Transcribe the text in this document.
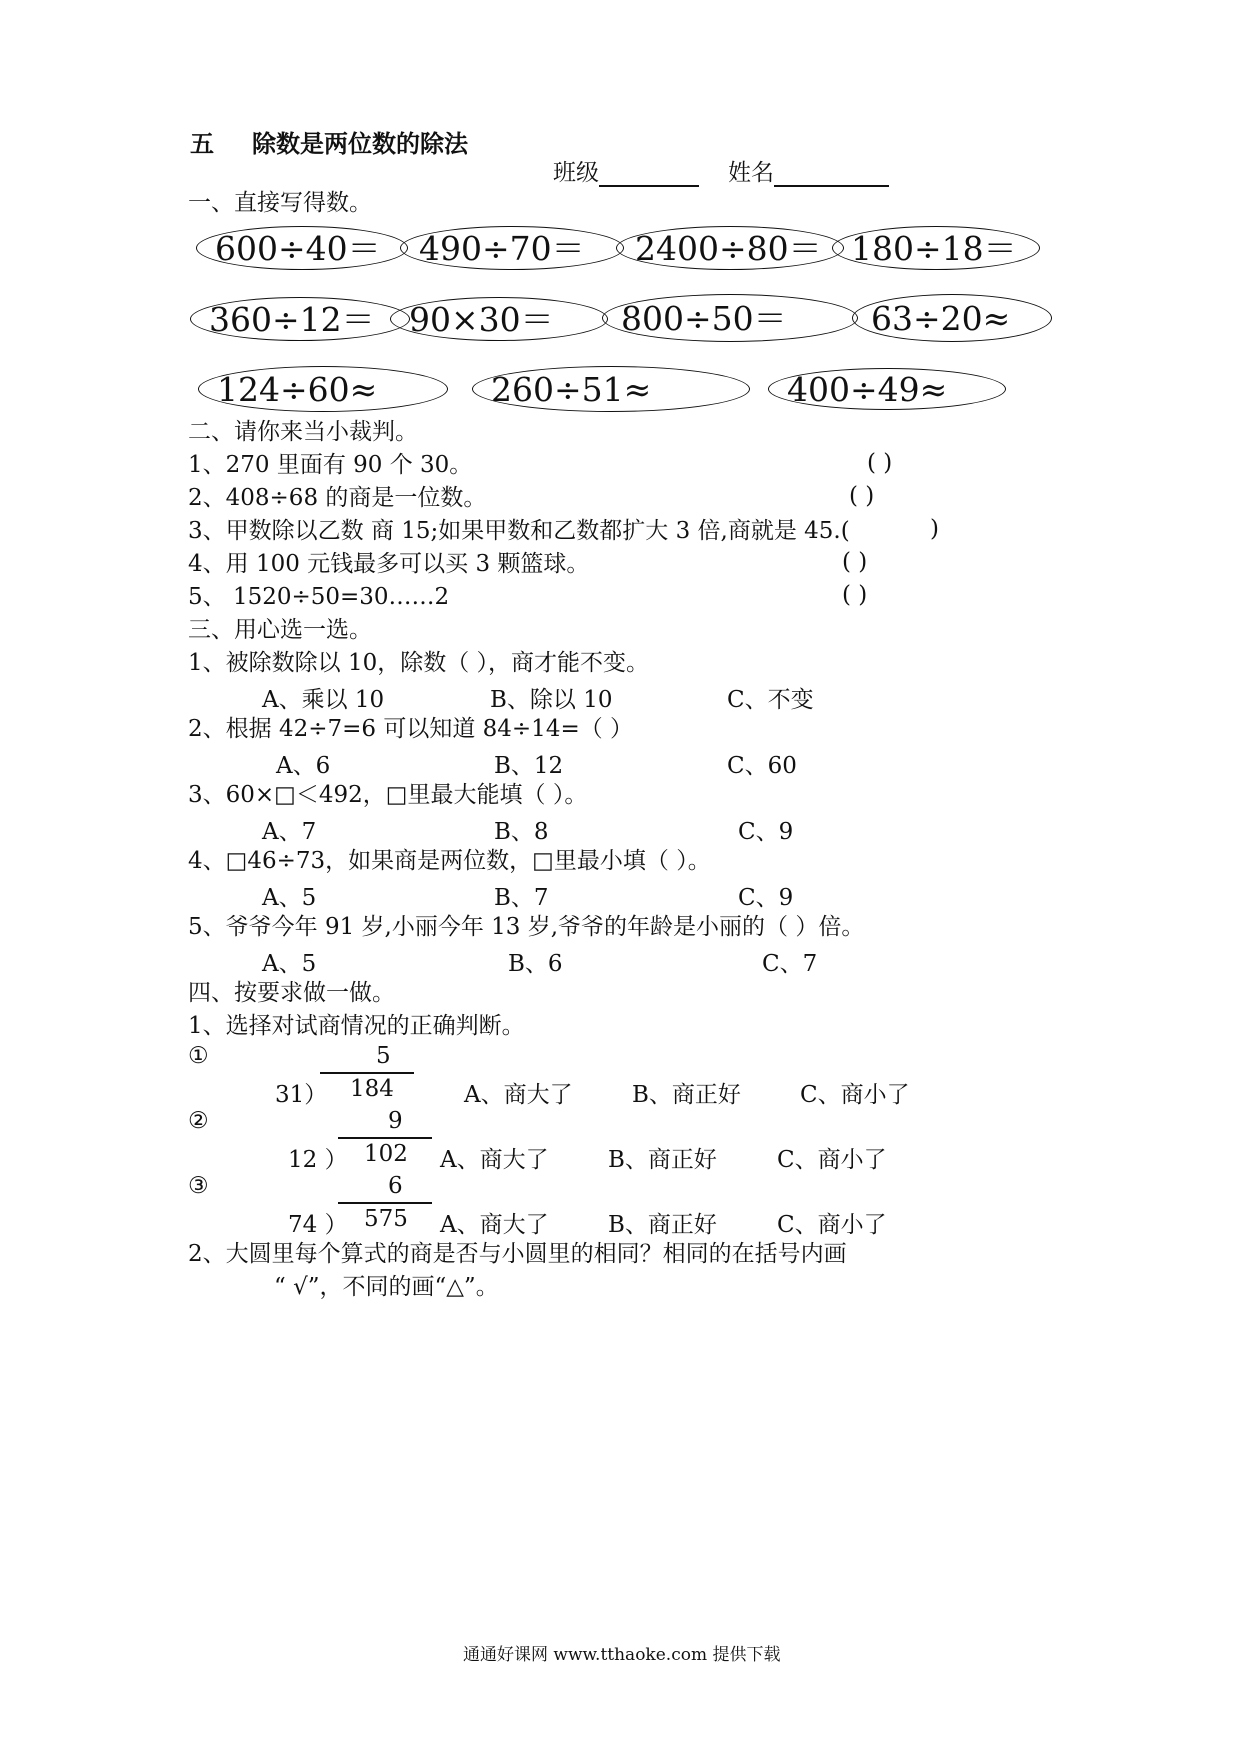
五 除数是两位数的除法
班级	姓名
一、直接写得数。
600÷40＝	490÷70＝	2400÷80＝ 180÷18＝
360÷12＝	90×30＝	800÷50＝	63÷20≈
124÷60≈	260÷51≈	400÷49≈
二、请你来当小裁判。
1、270 里面有 90 个 30。	( )
2、408÷68 的商是一位数。	( )
3、甲数除以乙数 商 15;如果甲数和乙数都扩大 3 倍,商就是 45.(	)
4、用 100 元钱最多可以买 3 颗篮球。	( )
5、 1520÷50=30……2	( )
三、用心选一选。
1、被除数除以 10，除数（ ），商才能不变。
A、乘以 10	B、除以 10	C、不变
2、根据 42÷7=6 可以知道 84÷14=（ ）
A、6	B、12	C、60
3、60×□＜492，□里最大能填（ ）。
A、7	B、8	C、9
4、□46÷73，如果商是两位数，□里最小填（ ）。
A、5	B、7	C、9
5、爷爷今年 91 岁,小丽今年 13 岁,爷爷的年龄是小丽的（ ）倍。
A、5	B、6	C、7
四、按要求做一做。
1、选择对试商情况的正确判断。
①	5
31） 184	A、商大了	B、商正好	C、商小了
②	9
12 ） 102 A、商大了	B、商正好	C、商小了
③	6
74 ） 575 A、商大了	B、商正好	C、商小了
2、大圆里每个算式的商是否与小圆里的相同？相同的在括号内画
“ √”，不同的画“△”。
通通好课网 www.tthaoke.com 提供下载
